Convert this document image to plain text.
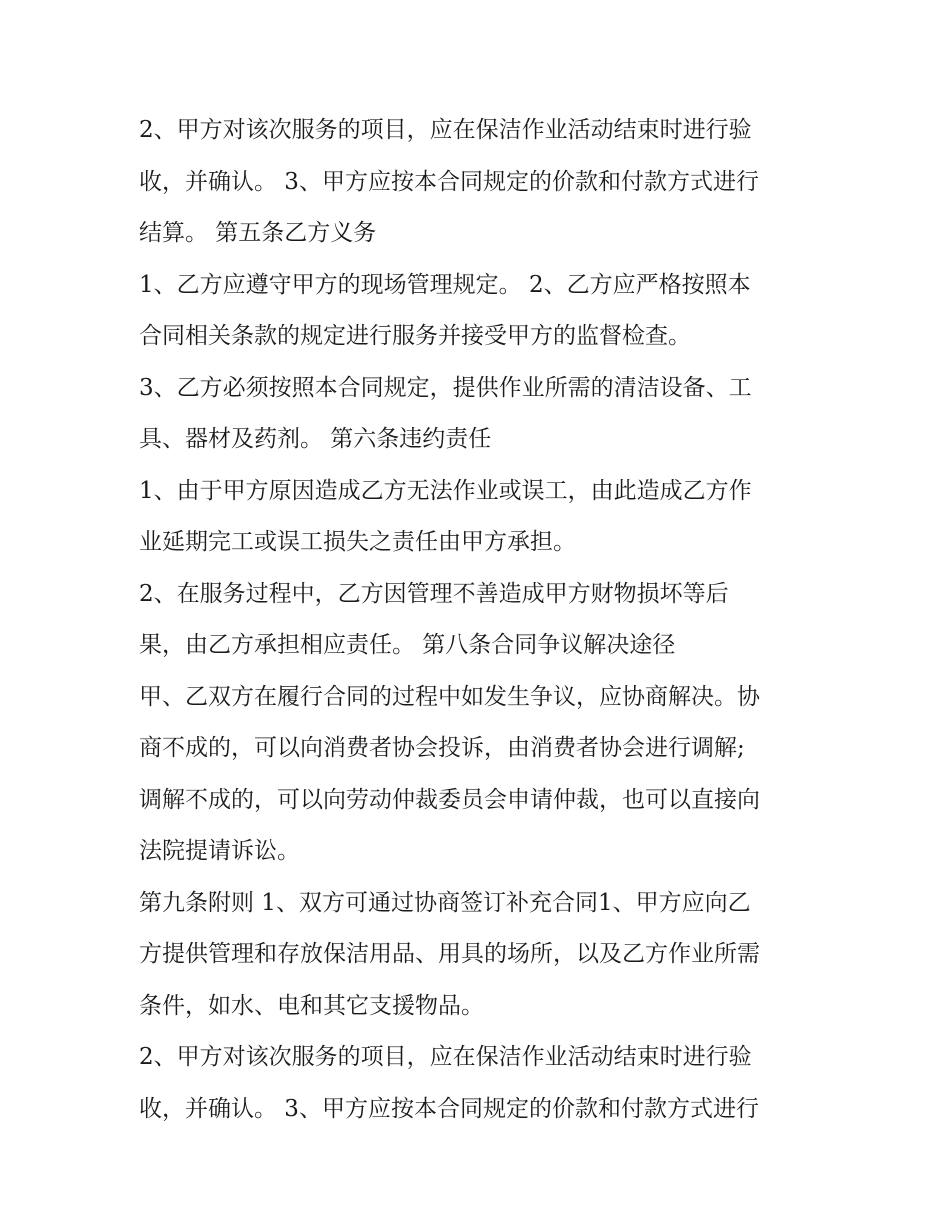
2、甲方对该次服务的项目，应在保洁作业活动结束时进行验
收，并确认。 3、甲方应按本合同规定的价款和付款方式进行
结算。 第五条乙方义务
1、乙方应遵守甲方的现场管理规定。 2、乙方应严格按照本
合同相关条款的规定进行服务并接受甲方的监督检查。
3、乙方必须按照本合同规定，提供作业所需的清洁设备、工
具、器材及药剂。 第六条违约责任
1、由于甲方原因造成乙方无法作业或误工，由此造成乙方作
业延期完工或误工损失之责任由甲方承担。
2、在服务过程中，乙方因管理不善造成甲方财物损坏等后
果，由乙方承担相应责任。 第八条合同争议解决途径
甲、乙双方在履行合同的过程中如发生争议，应协商解决。协
商不成的，可以向消费者协会投诉，由消费者协会进行调解;
调解不成的，可以向劳动仲裁委员会申请仲裁，也可以直接向
法院提请诉讼。
第九条附则 1、双方可通过协商签订补充合同1、甲方应向乙
方提供管理和存放保洁用品、用具的场所，以及乙方作业所需
条件，如水、电和其它支援物品。
2、甲方对该次服务的项目，应在保洁作业活动结束时进行验
收，并确认。 3、甲方应按本合同规定的价款和付款方式进行
